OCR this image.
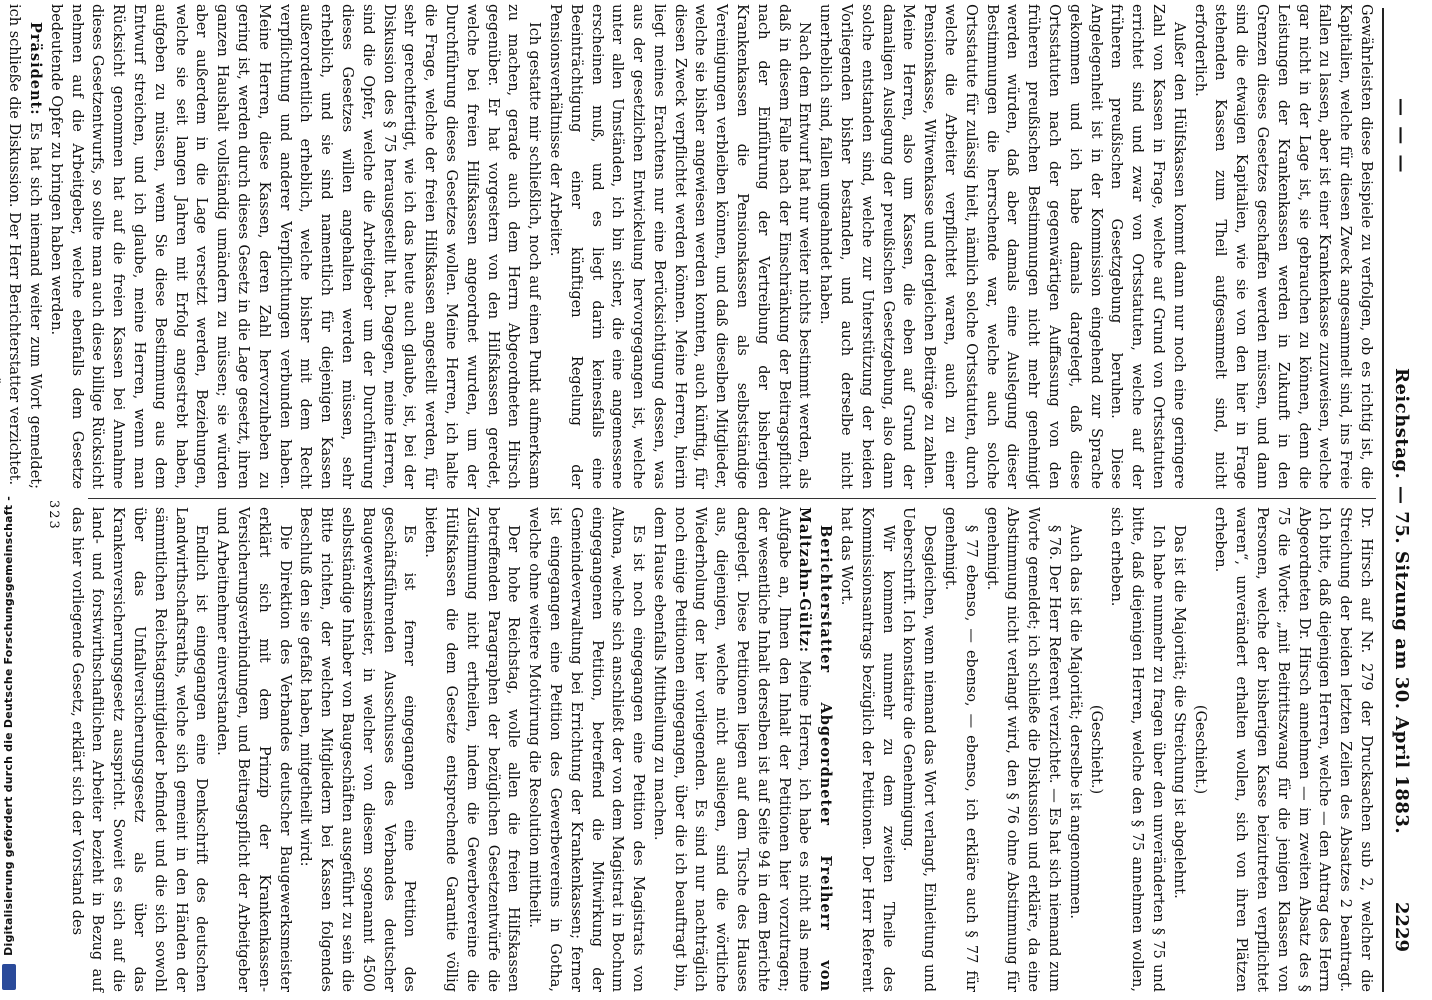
Digitalisierung gefördert durch die Deutsche Forschungsgemeinschaft -
— — —
Reichstag. — 75. Sitzung am 30. April 1883.
2229

Gewährleisten diese Beispiele zu verfolgen, ob es richtig ist, die Kapitalien, welche für diesen Zweck angesammelt sind, ins Freie fallen zu lassen, aber ist einer Krankenkasse zuzuweisen, welche gar nicht in der Lage ist, sie gebrauchen zu können, denn die Leistungen der Krankenkassen werden in Zukunft in den Grenzen dieses Gesetzes geschaffen werden müssen, und dann sind die etwaigen Kapitalien, wie sie von den hier in Frage stehenden Kassen zum Theil aufgesammelt sind, nicht erforderlich.

Außer den Hülfskassen kommt dann nur noch eine geringere Zahl von Kassen in Frage, welche auf Grund von Ortsstatuten errichtet sind und zwar von Ortsstatuten, welche auf der früheren preußischen Gesetzgebung beruhen. Diese Angelegenheit ist in der Kommission eingehend zur Sprache gekommen und ich habe damals dargelegt, daß diese Ortsstatuten nach der gegenwärtigen Auffassung von den früheren preußischen Bestimmungen nicht mehr genehmigt werden würden, daß aber damals eine Auslegung dieser Bestimmungen die herrschende war, welche auch solche Ortsstatute für zulässig hielt, nämlich solche Ortsstatuten, durch welche die Arbeiter verpflichtet waren, auch zu einer Pensionskasse, Witwenkasse und dergleichen Beiträge zu zahlen. Meine Herren, also um Kassen, die eben auf Grund der damaligen Auslegung der preußischen Gesetzgebung, also dann solche entstanden sind, welche zur Unterstützung der beiden Vorliegenden bisher bestanden, und auch derselbe nicht unerheblich sind, fallen ungeahndet haben.

Nach dem Entwurf hat nur weiter nichts bestimmt werden, als daß in diesem Falle nach der Einschränkung der Beitragspflicht nach der Einführung der Vertreibung der bisherigen Krankenkassen die Pensionskassen als selbstständige Vereinigungen verbleiben können, und daß dieselben Mitglieder, welche sie bisher angewiesen werden konnten, auch künftig, für diesen Zweck verpflichtet werden können. Meine Herren, hierin liegt meines Erachtens nur eine Berücksichtigung dessen, was aus der gesetzlichen Entwickelung hervorgegangen ist, welche unter allen Umständen, ich bin sicher, die eine angemessene erscheinen muß, und es liegt darin keinesfalls eine Beeinträchtigung einer künftigen Regelung der Pensionsverhältnisse der Arbeiter.

Ich gestatte mir schließlich, noch auf einen Punkt aufmerksam zu machen, gerade auch dem Herrn Abgeordneten Hirsch gegenüber. Er hat vorgestern von den Hilfskassen geredet, welche bei freien Hilfskassen angeordnet wurden, um der Durchführung dieses Gesetzes wollen. Meine Herren, ich halte die Frage, welche der freien Hilfskassen angestellt werden, für sehr gerechtfertigt, wie ich das heute auch glaube, ist, bei der Diskussion des § 75 herausgestellt hat. Dagegen, meine Herren, sind die Opfer, welche die Arbeitgeber um der Durchführung dieses Gesetzes willen angehalten werden müssen, sehr erheblich, und sie sind namentlich für diejenigen Kassen außerordentlich erheblich, welche bisher mit dem Recht verpflichtung und anderer Verpflichtungen verbunden haben. Meine Herren, diese Kassen, deren Zahl hervorzuheben zu gering ist, werden durch dieses Gesetz in die Lage gesetzt, ihren ganzen Haushalt vollständig umändern zu müssen; sie würden aber außerdem in die Lage versetzt werden, Beziehungen, welche sie seit langen Jahren mit Erfolg angestrebt haben, aufgeben zu müssen, wenn Sie diese Bestimmung aus dem Entwurf streichen, und ich glaube, meine Herren, wenn man Rücksicht genommen hat auf die freien Kassen bei Annahme dieses Gesetzentwurfs, so sollte man auch diese billige Rücksicht nehmen auf die Arbeitgeber, welche ebenfalls dem Gesetze bedeutende Opfer zu bringen haben werden.

Präsident: Es hat sich niemand weiter zum Wort gemeldet; ich schließe die Diskussion. Der Herr Berichterstatter verzichtet.

Dr. Hirsch auf Nr. 279 der Drucksachen sub 2, welcher die Streichung der beiden letzten Zeilen des Absatzes 2 beantragt. Ich bitte, daß diejenigen Herren, welche — den Antrag des Herrn Abgeordneten Dr. Hirsch annehmen — im zweiten Absatz des § 75 die Worte: „mit Beitrittszwang für die jenigen Klassen von Personen, welche der bisherigen Kasse beizutreten verpflichtet waren“, unverändert erhalten wollen, sich von ihren Plätzen erheben.

(Geschieht.)

Das ist die Majorität; die Streichung ist abgelehnt.

Ich habe nunmehr zu fragen über den unveränderten § 75 und bitte, daß diejenigen Herren, welche den § 75 annehmen wollen, sich erheben.

(Geschieht.)

Auch das ist die Majorität; derselbe ist angenommen.

§ 76. Der Herr Referent verzichtet. — Es hat sich niemand zum Worte gemeldet; ich schließe die Diskussion und erkläre, da eine Abstimmung nicht verlangt wird, den § 76 ohne Abstimmung für genehmigt.

§ 77 ebenso, — ebenso, — ebenso, ich erkläre auch § 77 für genehmigt.

Desgleichen, wenn niemand das Wort verlangt, Einleitung und Ueberschrift. Ich konstatire die Genehmigung.

Wir kommen nunmehr zu dem zweiten Theile des Kommissionsantrags bezüglich der Petitionen. Der Herr Referent hat das Wort.

Berichterstatter Abgeordneter Freiherr von Maltzahn-Gültz: Meine Herren, ich habe es nicht als meine Aufgabe an, Ihnen den Inhalt der Petitionen hier vorzutragen; der wesentliche Inhalt derselben ist auf Seite 94 in dem Berichte dargelegt. Diese Petitionen liegen auf dem Tische des Hauses aus, diejenigen, welche nicht ausliegen, sind die wörtliche Wiederholung der hier vorliegenden. Es sind nur nachträglich noch einige Petitionen eingegangen, über die ich beauftragt bin, dem Hause ebenfalls Mittheilung zu machen.

Es ist noch eingegangen eine Petition des Magistrats von Altona, welche sich anschließt der von dem Magistrat in Bochum eingegangenen Petition, betreffend die Mitwirkung der Gemeindeverwaltung bei Errichtung der Krankenkassen; ferner ist eingegangen eine Petition des Gewerbevereins in Gotha, welche ohne weitere Motivirung die Resolution mittheilt.

Der hohe Reichstag, wolle allen die freien Hilfskassen betreffenden Paragraphen der bezüglichen Gesetzentwürfe die Zustimmung nicht ertheilen, indem die Gewerbevereine die Hülfskassen die dem Gesetze entsprechende Garantie völlig bieten.

Es ist ferner eingegangen eine Petition des geschäftsführenden Ausschusses des Verbandes deutscher Baugewerksmeister, in welcher von diesem sogenannt 4500 selbstständige Inhaber von Baugeschäften ausgeführt zu sein die Bitte richten, der welchen Mitgliedern bei Kassen folgendes Beschluß den sie gefaßt haben, mitgetheilt wird:

Die Direktion des Verbandes deutscher Baugewerksmeister erklärt sich mit dem Prinzip der Krankenkassen-Versicherungsverbindungen, und Beitragspflicht der Arbeitgeber und Arbeitnehmer einverstanden.

Endlich ist eingegangen eine Denkschrift des deutschen Landwirthschaftsraths, welche sich gemeint in den Händen der sämmtlichen Reichstagsmitglieder befindet und die sich sowohl über das Unfallversicherungsgesetz als über das Krankenversicherungsgesetz ausspricht. Soweit es sich auf die land- und forstwirthschaftlichen Arbeiter bezieht in Bezug auf das hier vorliegende Gesetz, erklärt sich der Vorstand des

323
